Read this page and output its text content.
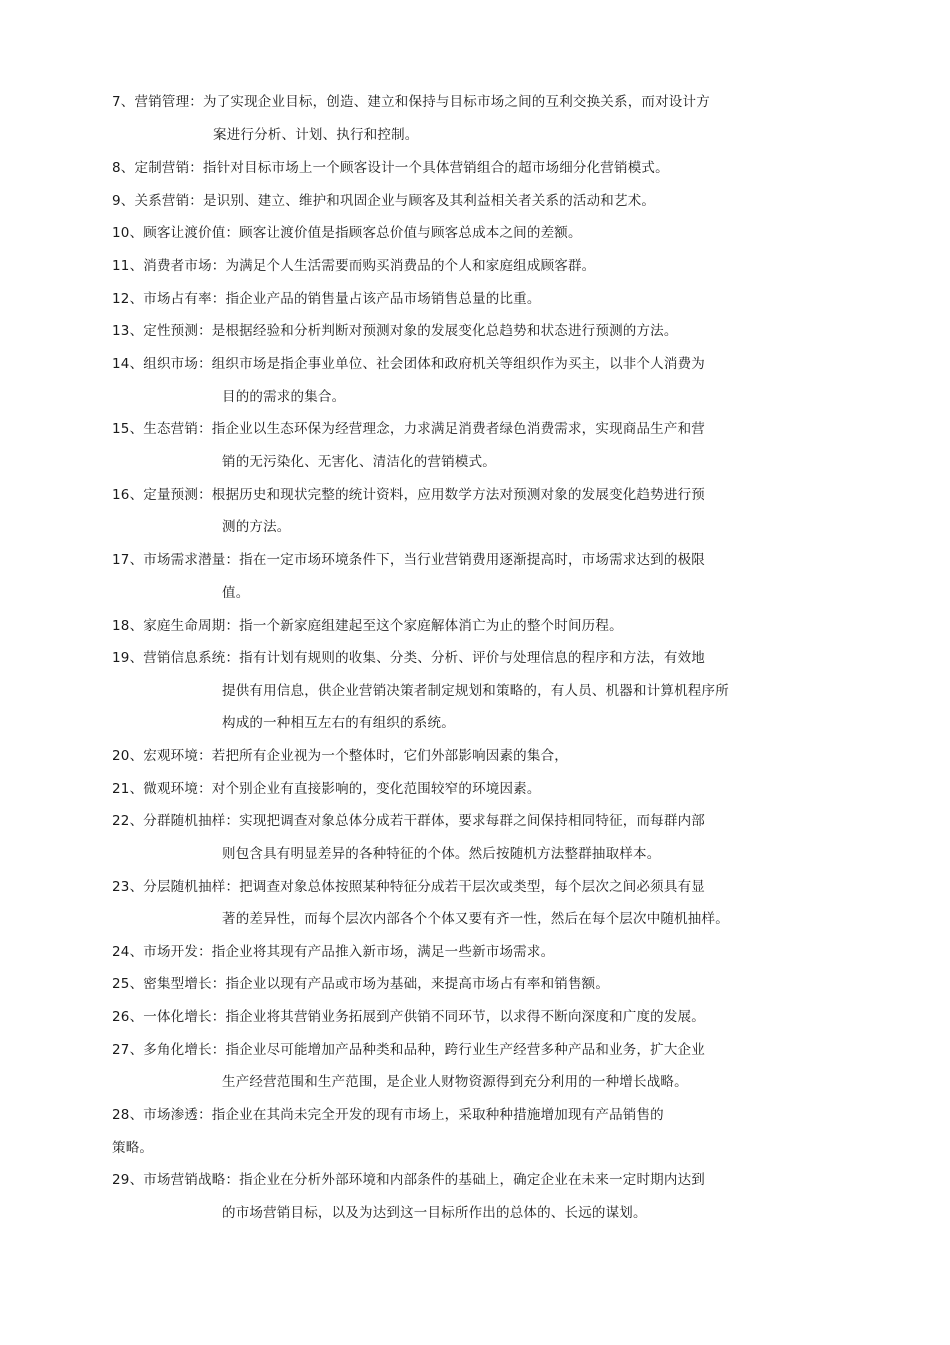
7、营销管理：为了实现企业目标，创造、建立和保持与目标市场之间的互利交换关系，而对设计方
案进行分析、计划、执行和控制。
8、定制营销：指针对目标市场上一个顾客设计一个具体营销组合的超市场细分化营销模式。
9、关系营销：是识别、建立、维护和巩固企业与顾客及其利益相关者关系的活动和艺术。
10、顾客让渡价值：顾客让渡价值是指顾客总价值与顾客总成本之间的差额。
11、消费者市场：为满足个人生活需要而购买消费品的个人和家庭组成顾客群。
12、市场占有率：指企业产品的销售量占该产品市场销售总量的比重。
13、定性预测：是根据经验和分析判断对预测对象的发展变化总趋势和状态进行预测的方法。
14、组织市场：组织市场是指企事业单位、社会团体和政府机关等组织作为买主，以非个人消费为
目的的需求的集合。
15、生态营销：指企业以生态环保为经营理念，力求满足消费者绿色消费需求，实现商品生产和营
销的无污染化、无害化、清洁化的营销模式。
16、定量预测：根据历史和现状完整的统计资料，应用数学方法对预测对象的发展变化趋势进行预
测的方法。
17、市场需求潜量：指在一定市场环境条件下，当行业营销费用逐渐提高时，市场需求达到的极限
值。
18、家庭生命周期：指一个新家庭组建起至这个家庭解体消亡为止的整个时间历程。
19、营销信息系统：指有计划有规则的收集、分类、分析、评价与处理信息的程序和方法，有效地
提供有用信息，供企业营销决策者制定规划和策略的，有人员、机器和计算机程序所
构成的一种相互左右的有组织的系统。
20、宏观环境：若把所有企业视为一个整体时，它们外部影响因素的集合，
21、微观环境：对个别企业有直接影响的，变化范围较窄的环境因素。
22、分群随机抽样：实现把调查对象总体分成若干群体，要求每群之间保持相同特征，而每群内部
则包含具有明显差异的各种特征的个体。然后按随机方法整群抽取样本。
23、分层随机抽样：把调查对象总体按照某种特征分成若干层次或类型，每个层次之间必须具有显
著的差异性，而每个层次内部各个个体又要有齐一性，然后在每个层次中随机抽样。
24、市场开发：指企业将其现有产品推入新市场，满足一些新市场需求。
25、密集型增长：指企业以现有产品或市场为基础，来提高市场占有率和销售额。
26、一体化增长：指企业将其营销业务拓展到产供销不同环节，以求得不断向深度和广度的发展。
27、多角化增长：指企业尽可能增加产品种类和品种，跨行业生产经营多种产品和业务，扩大企业
生产经营范围和生产范围，是企业人财物资源得到充分利用的一种增长战略。
28、市场渗透：指企业在其尚未完全开发的现有市场上，采取种种措施增加现有产品销售的
策略。
29、市场营销战略：指企业在分析外部环境和内部条件的基础上，确定企业在未来一定时期内达到
的市场营销目标，以及为达到这一目标所作出的总体的、长远的谋划。
